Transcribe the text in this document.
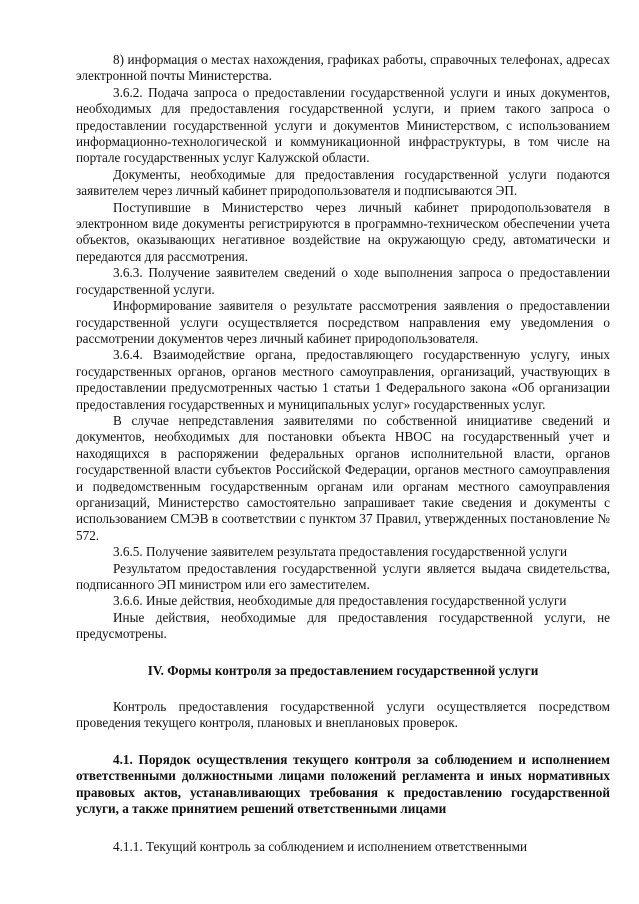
8) информация о местах нахождения, графиках работы, справочных телефонах, адресах электронной почты Министерства.

3.6.2. Подача запроса о предоставлении государственной услуги и иных документов, необходимых для предоставления государственной услуги, и прием такого запроса о предоставлении государственной услуги и документов Министерством, с использованием информационно-технологической и коммуникационной инфраструктуры, в том числе на портале государственных услуг Калужской области.

Документы, необходимые для предоставления государственной услуги подаются заявителем через личный кабинет природопользователя и подписываются ЭП.

Поступившие в Министерство через личный кабинет природопользователя в электронном виде документы регистрируются в программно-техническом обеспечении учета объектов, оказывающих негативное воздействие на окружающую среду, автоматически и передаются для рассмотрения.

3.6.3. Получение заявителем сведений о ходе выполнения запроса о предоставлении государственной услуги.

Информирование заявителя о результате рассмотрения заявления о предоставлении государственной услуги осуществляется посредством направления ему уведомления о рассмотрении документов через личный кабинет природопользователя.

3.6.4. Взаимодействие органа, предоставляющего государственную услугу, иных государственных органов, органов местного самоуправления, организаций, участвующих в предоставлении предусмотренных частью 1 статьи 1 Федерального закона «Об организации предоставления государственных и муниципальных услуг» государственных услуг.

В случае непредставления заявителями по собственной инициативе сведений и документов, необходимых для постановки объекта НВОС на государственный учет и находящихся в распоряжении федеральных органов исполнительной власти, органов государственной власти субъектов Российской Федерации, органов местного самоуправления и подведомственным государственным органам или органам местного самоуправления организаций, Министерство самостоятельно запрашивает такие сведения и документы с использованием СМЭВ в соответствии с пунктом 37 Правил, утвержденных постановление № 572.

3.6.5. Получение заявителем результата предоставления государственной услуги

Результатом предоставления государственной услуги является выдача свидетельства, подписанного ЭП министром или его заместителем.

3.6.6. Иные действия, необходимые для предоставления государственной услуги

Иные действия, необходимые для предоставления государственной услуги, не предусмотрены.

IV. Формы контроля за предоставлением государственной услуги

Контроль предоставления государственной услуги осуществляется посредством проведения текущего контроля, плановых и внеплановых проверок.

4.1. Порядок осуществления текущего контроля за соблюдением и исполнением ответственными должностными лицами положений регламента и иных нормативных правовых актов, устанавливающих требования к предоставлению государственной услуги, а также принятием решений ответственными лицами

4.1.1. Текущий контроль за соблюдением и исполнением ответственными
